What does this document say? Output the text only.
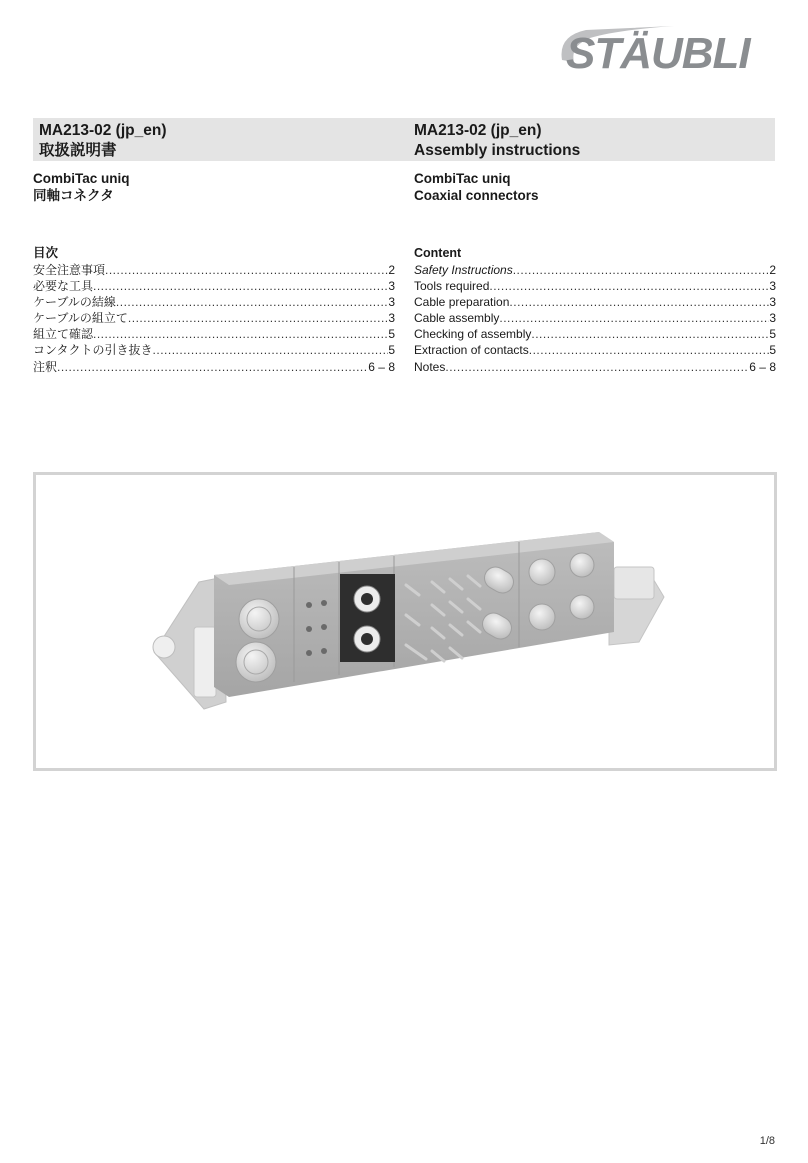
STÄUBLI
MA213-02 (jp_en)
取扱説明書
CombiTac uniq
同軸コネクタ
MA213-02 (jp_en)
Assembly instructions
CombiTac uniq
Coaxial connectors
目次
安全注意事項 .....	2
必要な工具 .....	3
ケーブルの結線 .....	3
ケーブルの組立て .....	3
組立て確認 .....	5
コンタクトの引き抜き .....	5
注釈 .....	6 – 8
Content
Safety Instructions .....	2
Tools required .....	3
Cable preparation .....	3
Cable assembly .....	3
Checking of assembly .....	5
Extraction of contacts .....	5
Notes .....	6 – 8
1/8
